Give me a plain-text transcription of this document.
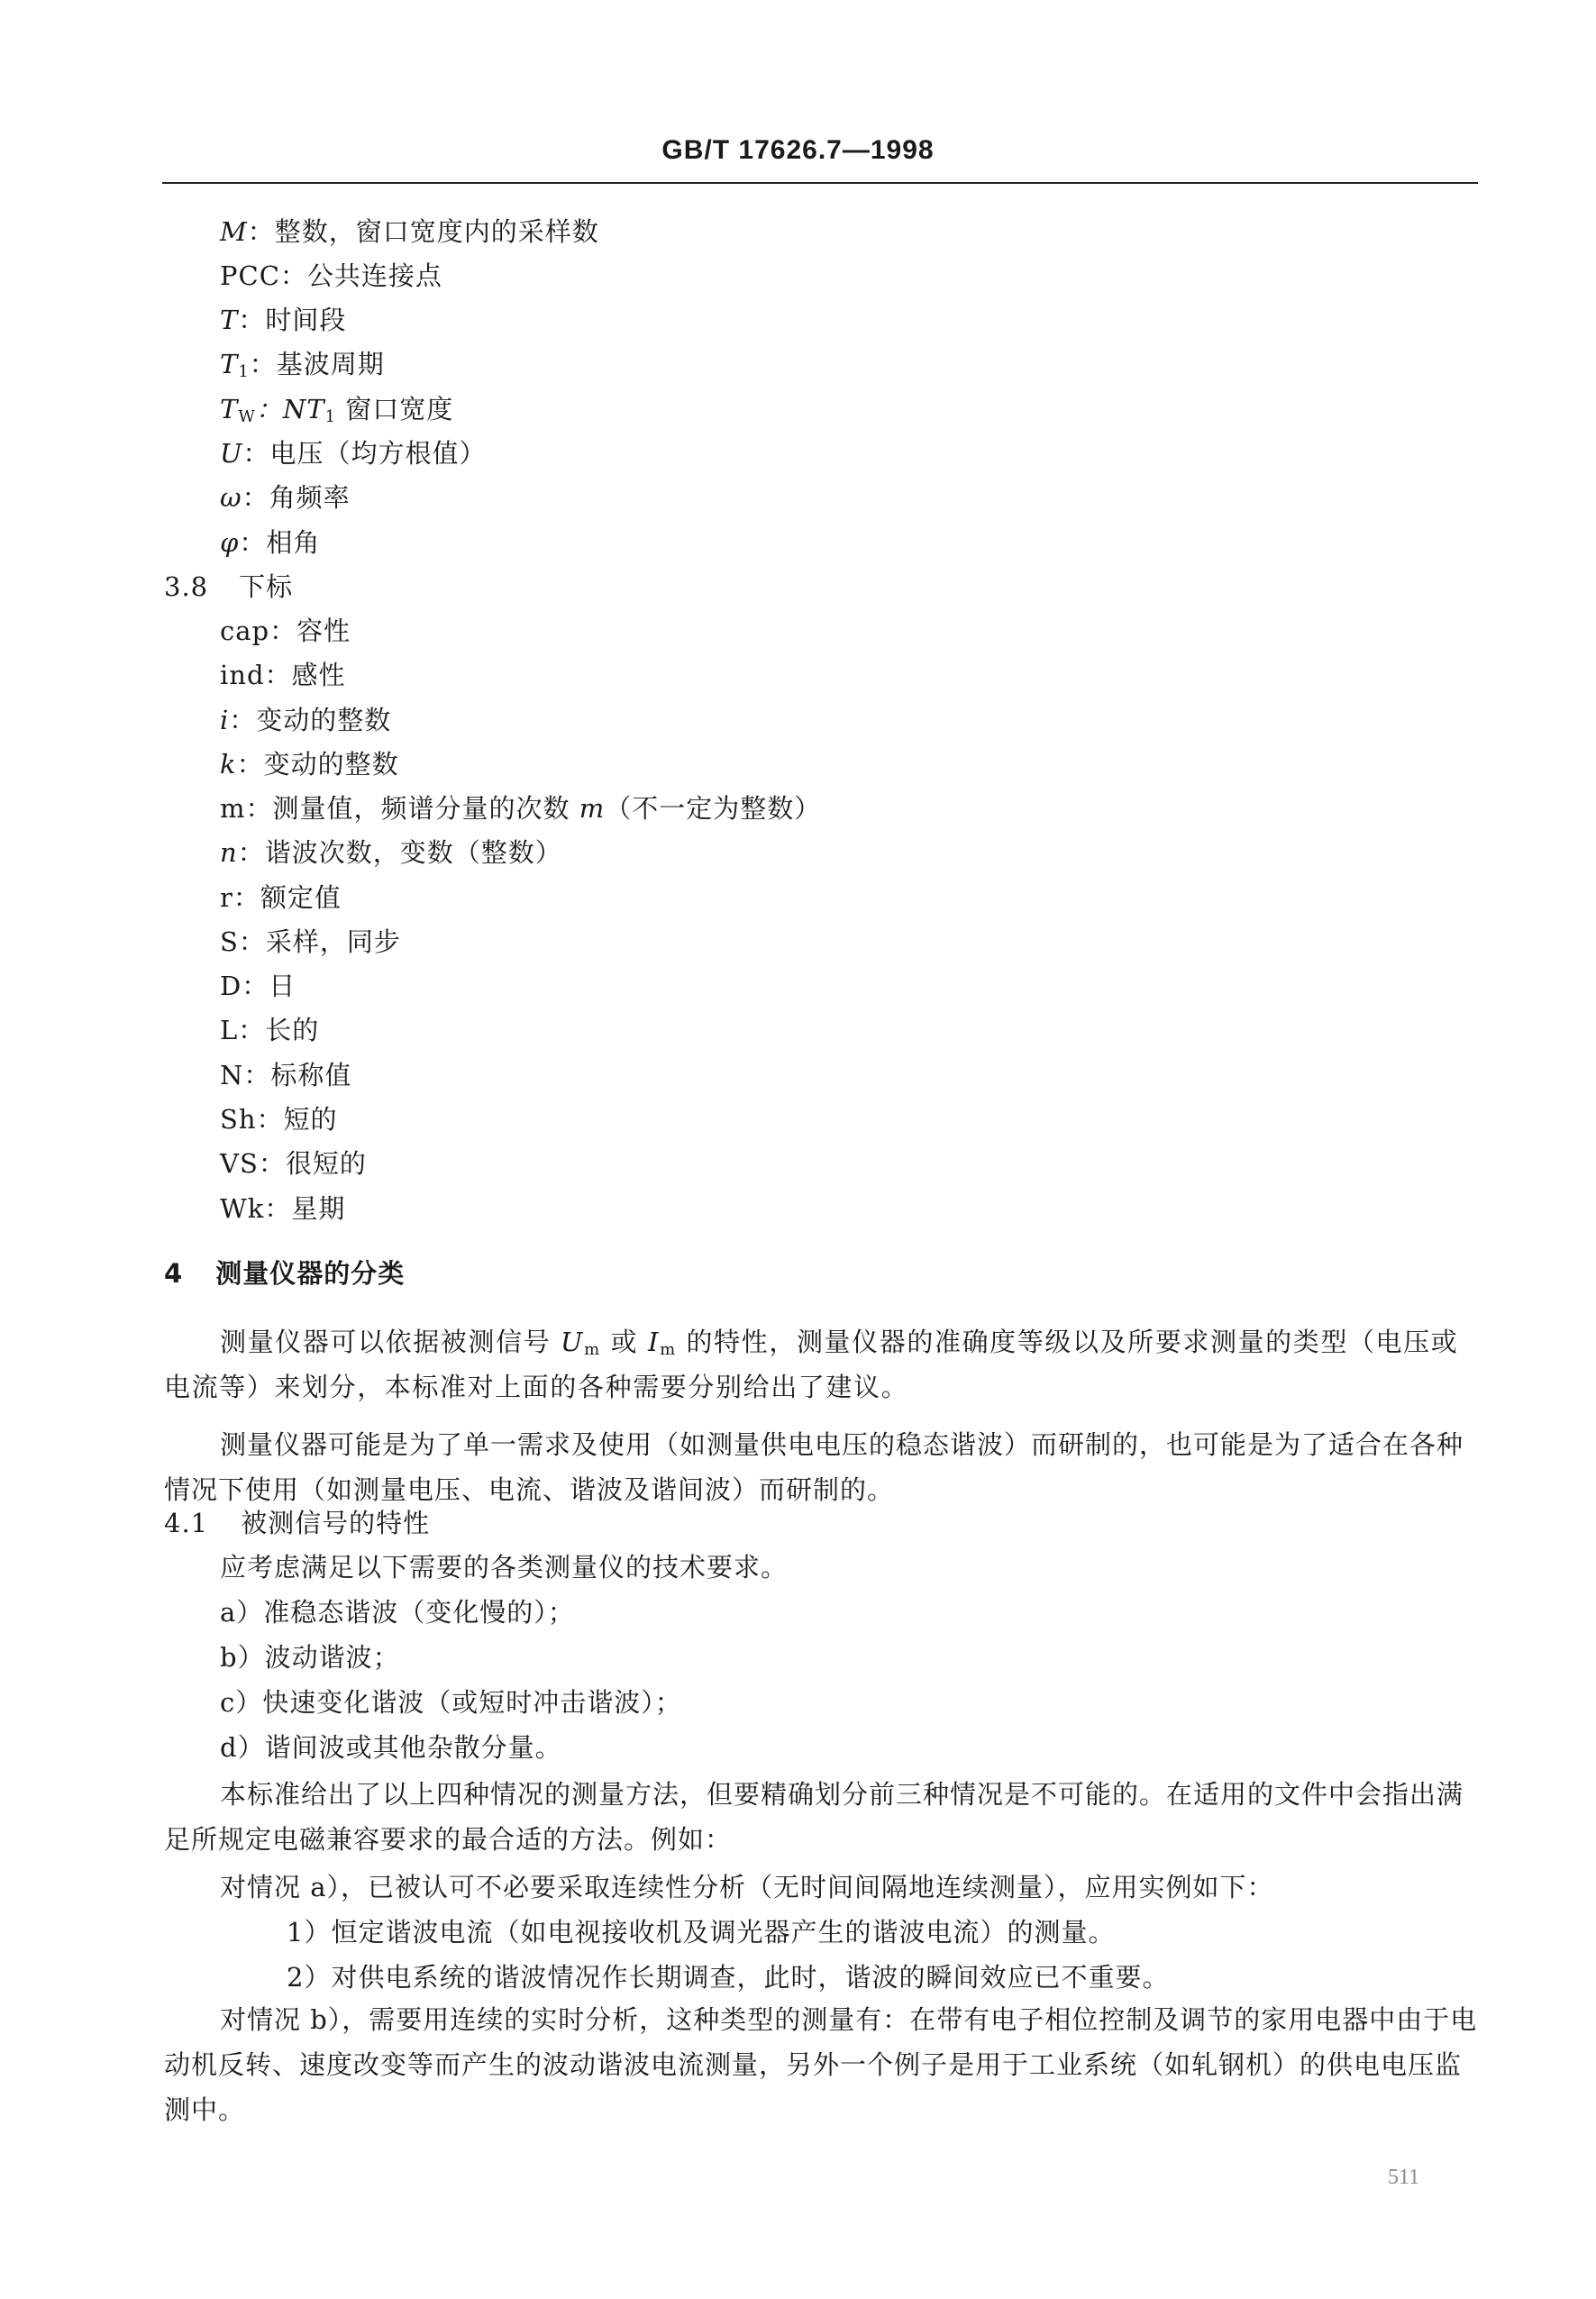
GB/T 17626.7—1998
M：整数，窗口宽度内的采样数
PCC：公共连接点
T：时间段
$T_1$：基波周期
$T_W$：$NT_1$ 窗口宽度
U：电压（均方根值）
ω：角频率
φ：相角
3.8 下标
cap：容性
ind：感性
i：变动的整数
k：变动的整数
m：测量值，频谱分量的次数 m（不一定为整数）
n：谐波次数，变数（整数）
r：额定值
S：采样，同步
D：日
L：长的
N：标称值
Sh：短的
VS：很短的
Wk：星期
4 测量仪器的分类
测量仪器可以依据被测信号 $U_m$ 或 $I_m$ 的特性，测量仪器的准确度等级以及所要求测量的类型（电压或电流等）来划分，本标准对上面的各种需要分别给出了建议。
测量仪器可能是为了单一需求及使用（如测量供电电压的稳态谐波）而研制的，也可能是为了适合在各种情况下使用（如测量电压、电流、谐波及谐间波）而研制的。
4.1 被测信号的特性
应考虑满足以下需要的各类测量仪的技术要求。
a）准稳态谐波（变化慢的）；
b）波动谐波；
c）快速变化谐波（或短时冲击谐波）；
d）谐间波或其他杂散分量。
本标准给出了以上四种情况的测量方法，但要精确划分前三种情况是不可能的。在适用的文件中会指出满足所规定电磁兼容要求的最合适的方法。例如：
对情况 a），已被认可不必要采取连续性分析（无时间间隔地连续测量），应用实例如下：
1）恒定谐波电流（如电视接收机及调光器产生的谐波电流）的测量。
2）对供电系统的谐波情况作长期调查，此时，谐波的瞬间效应已不重要。
对情况 b），需要用连续的实时分析，这种类型的测量有：在带有电子相位控制及调节的家用电器中由于电动机反转、速度改变等而产生的波动谐波电流测量，另外一个例子是用于工业系统（如轧钢机）的供电电压监测中。
511
